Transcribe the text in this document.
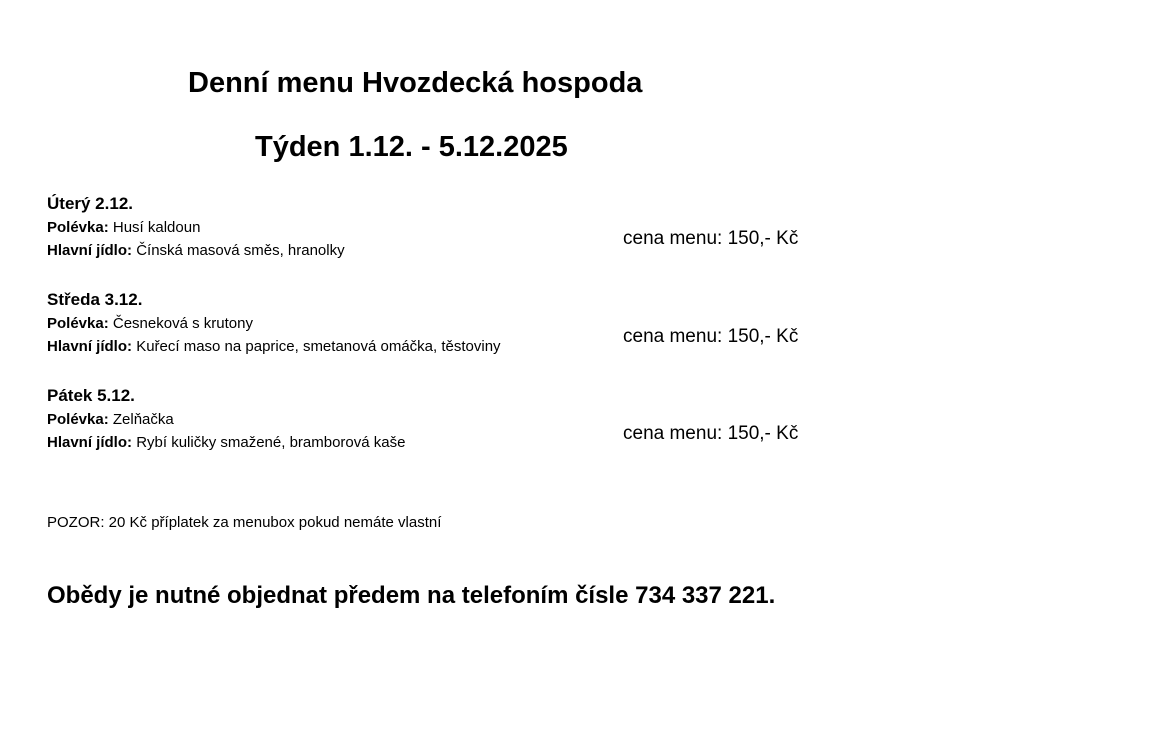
Denní menu Hvozdecká hospoda
Týden 1.12. - 5.12.2025
Úterý 2.12.
Polévka: Husí kaldoun
Hlavní jídlo: Čínská masová směs, hranolky
cena menu: 150,- Kč
Středa 3.12.
Polévka: Česneková s krutony
Hlavní jídlo: Kuřecí maso na paprice, smetanová omáčka, těstoviny	cena menu: 150,- Kč
Pátek 5.12.
Polévka: Zelňačka
Hlavní jídlo: Rybí kuličky smažené, bramborová kaše	cena menu: 150,- Kč
POZOR: 20 Kč příplatek za menubox pokud nemáte vlastní
Obědy je nutné objednat předem na telefoním čísle 734 337 221.
